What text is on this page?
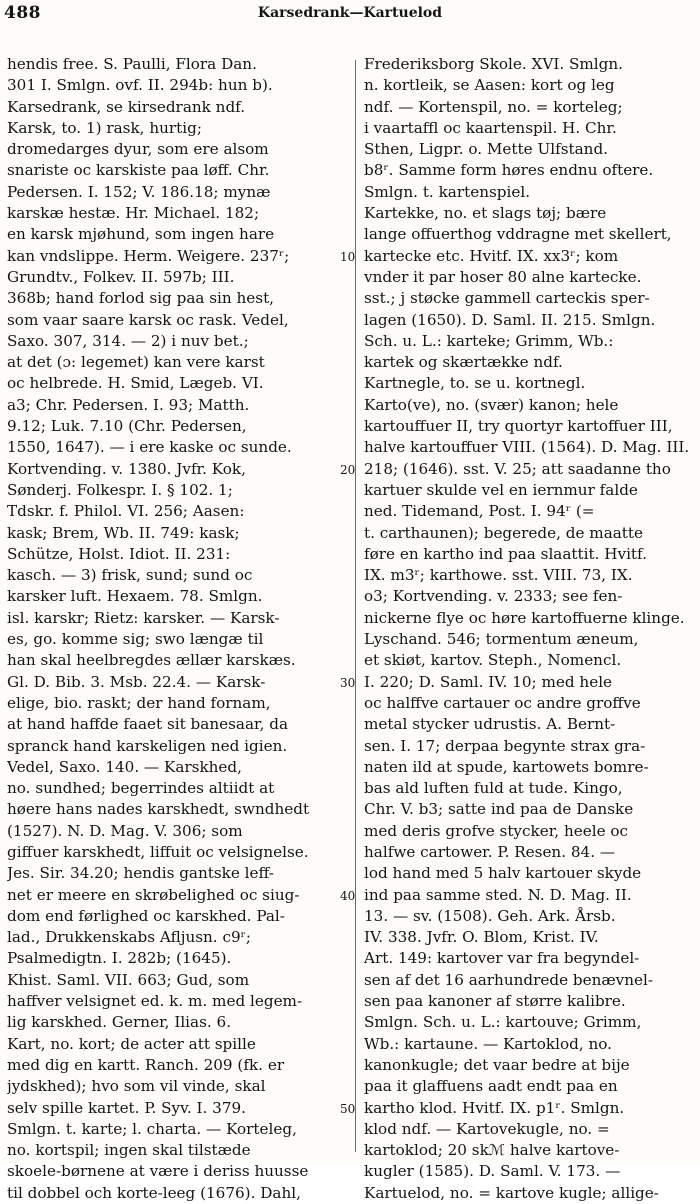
488	Karsedrank—Kartuelod
hendis free. S. Paulli, Flora Dan.
301 I. Smlgn. ovf. II. 294b: hun b).
Karsedrank, se kirsedrank ndf.
Karsk, to. 1) rask, hurtig;
dromedarges dyur, som ere alsom
snariste oc karskiste paa løff. Chr.
Pedersen. I. 152; V. 186.18; mynæ
karskæ hestæ. Hr. Michael. 182;
en karsk mjøhund, som ingen hare
kan vndslippe. Herm. Weigere. 237ʳ;
Grundtv., Folkev. II. 597b; III.
368b; hand forlod sig paa sin hest,
som vaar saare karsk oc rask. Vedel,
Saxo. 307, 314. — 2) i nuv bet.;
at det (ɔ: legemet) kan vere karst
oc helbrede. H. Smid, Lægeb. VI.
a3; Chr. Pedersen. I. 93; Matth.
9.12; Luk. 7.10 (Chr. Pedersen,
1550, 1647). — i ere kaske oc sunde.
Kortvending. v. 1380. Jvfr. Kok,
Sønderj. Folkespr. I. § 102. 1;
Tdskr. f. Philol. VI. 256; Aasen:
kask; Brem, Wb. II. 749: kask;
Schütze, Holst. Idiot. II. 231:
kasch. — 3) frisk, sund; sund oc
karsker luft. Hexaem. 78. Smlgn.
isl. karskr; Rietz: karsker. — Karsk-
es, go. komme sig; swo længæ til
han skal heelbregdes ællær karskæs.
Gl. D. Bib. 3. Msb. 22.4. — Karsk-
elige, bio. raskt; der hand fornam,
at hand haffde faaet sit banesaar, da
spranck hand karskeligen ned igien.
Vedel, Saxo. 140. — Karskhed,
no. sundhed; begerrindes altiidt at
høere hans nades karskhedt, swndhedt
(1527). N. D. Mag. V. 306; som
giffuer karskhedt, liffuit oc velsignelse.
Jes. Sir. 34.20; hendis gantske leff-
net er meere en skrøbelighed oc siug-
dom end førlighed oc karskhed. Pal-
lad., Drukkenskabs Afljusn. c9ʳ;
Psalmedigtn. I. 282b; (1645).
Khist. Saml. VII. 663; Gud, som
haffver velsignet ed. k. m. med legem-
lig karskhed. Gerner, Ilias. 6.
Kart, no. kort; de acter att spille
med dig en kartt. Ranch. 209 (fk. er
jydskhed); hvo som vil vinde, skal
selv spille kartet. P. Syv. I. 379.
Smlgn. t. karte; l. charta. — Korteleg,
no. kortspil; ingen skal tilstæde
skoele-børnene at være i deriss huusse
til dobbel och korte-leeg (1676). Dahl,
10
20
30
40
50
Frederiksborg Skole. XVI. Smlgn.
n. kortleik, se Aasen: kort og leg
ndf. — Kortenspil, no. = korteleg;
i vaartaffl oc kaartenspil. H. Chr.
Sthen, Ligpr. o. Mette Ulfstand.
b8ʳ. Samme form høres endnu oftere.
Smlgn. t. kartenspiel.
Kartekke, no. et slags tøj; bære
lange offuerthog vddragne met skellert,
kartecke etc. Hvitf. IX. xx3ʳ; kom
vnder it par hoser 80 alne kartecke.
sst.; j støcke gammell carteckis sper-
lagen (1650). D. Saml. II. 215. Smlgn.
Sch. u. L.: karteke; Grimm, Wb.:
kartek og skærtække ndf.
Kartnegle, to. se u. kortnegl.
Karto(ve), no. (svær) kanon; hele
kartouffuer II, try quortyr kartoffuer III,
halve kartouffuer VIII. (1564). D. Mag. III.
218; (1646). sst. V. 25; att saadanne tho
kartuer skulde vel en iernmur falde
ned. Tidemand, Post. I. 94ʳ (=
t. carthaunen); begerede, de maatte
føre en kartho ind paa slaattit. Hvitf.
IX. m3ʳ; karthowe. sst. VIII. 73, IX.
o3; Kortvending. v. 2333; see fen-
nickerne flye oc høre kartoffuerne klinge.
Lyschand. 546; tormentum æneum,
et skiøt, kartov. Steph., Nomencl.
I. 220; D. Saml. IV. 10; med hele
oc halffve cartauer oc andre groffve
metal stycker udrustis. A. Bernt-
sen. I. 17; derpaa begynte strax gra-
naten ild at spude, kartowets bomre-
bas ald luften fuld at tude. Kingo,
Chr. V. b3; satte ind paa de Danske
med deris grofve stycker, heele oc
halfwe cartower. P. Resen. 84. —
lod hand med 5 halv kartouer skyde
ind paa samme sted. N. D. Mag. II.
13. — sv. (1508). Geh. Ark. Årsb.
IV. 338. Jvfr. O. Blom, Krist. IV.
Art. 149: kartover var fra begyndel-
sen af det 16 aarhundrede benævnel-
sen paa kanoner af større kalibre.
Smlgn. Sch. u. L.: kartouve; Grimm,
Wb.: kartaune. — Kartoklod, no.
kanonkugle; det vaar bedre at bije
paa it glaffuens aadt endt paa en
kartho klod. Hvitf. IX. p1ʳ. Smlgn.
klod ndf. — Kartovekugle, no. =
kartoklod; 20 skℳ halve kartove-
kugler (1585). D. Saml. V. 173. —
Kartuelod, no. = kartove kugle; allige-
